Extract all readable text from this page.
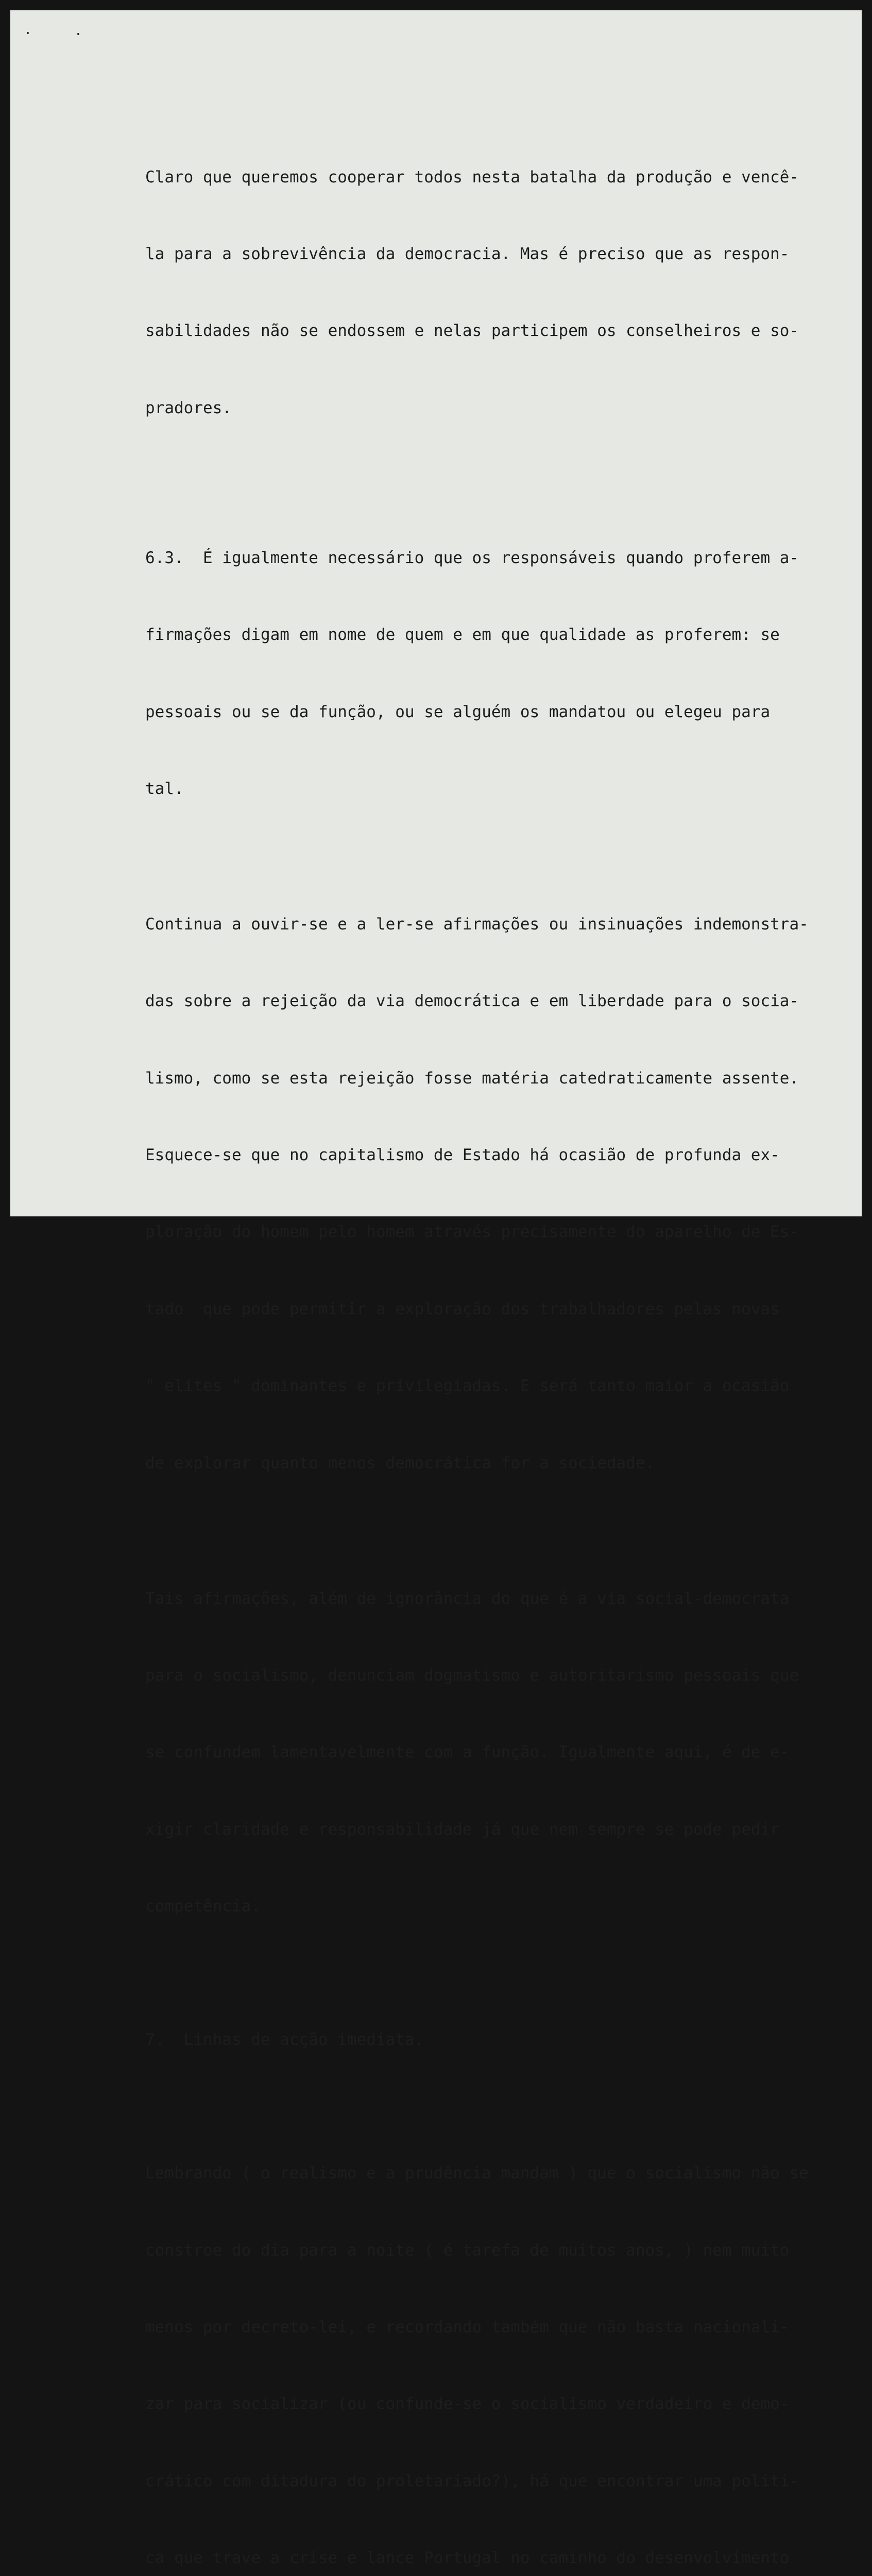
Claro que queremos cooperar todos nesta batalha da produção e vencê-

la para a sobrevivência da democracia. Mas é preciso que as respon-

sabilidades não se endossem e nelas participem os conselheiros e so-

pradores.

6.3.  É igualmente necessário que os responsáveis quando proferem a-

firmações digam em nome de quem e em que qualidade as proferem: se

pessoais ou se da função, ou se alguém os mandatou ou elegeu para

tal.

Continua a ouvir-se e a ler-se afirmações ou insinuações indemonstra-

das sobre a rejeição da via democrática e em liberdade para o socia-

lismo, como se esta rejeição fosse matéria catedraticamente assente.

Esquece-se que no capitalismo de Estado há ocasião de profunda ex-

ploração do homem pelo homem através precisamente do aparelho de Es-

tado  que pode permitir a exploração dos trabalhadores pelas novas

" elites " dominantes e privilegiadas. E será tanto maior a ocasião

de explorar quanto menos democrática for a sociedade.

Tais afirmações, além de ignorância do que é a via social-democrata

para o socialismo, denunciam dogmatismo e autoritarismo pessoais que

se confundem lamentavelmente com a função. Igualmente aqui, é de e-

xigir claridade e responsabilidade já que nem sempre se pode pedir

competência.

7.  Linhas de acção imediata.

Lembrando ( o realismo e a prudência mandam ) que o socialismo não se

constroe do dia para a noite ( é tarefa de muitos anos, ) nem muito

menos por decreto-lei, e recordando também que não basta nacionali-

zar para socializar (ou confunde-se o socialismo verdadeiro e demo-

crático com ditadura do proletariado?), há que encontrar uma politi-

ca que trave a crise e lance Portugal no caminho do desenvolvimento
